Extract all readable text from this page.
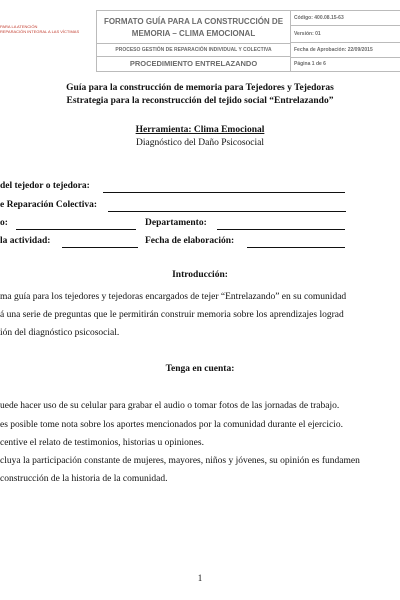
PARA LA ATENCIÓN
REPARACIÓN INTEGRAL A LAS VÍCTIMAS
FORMATO GUÍA PARA LA CONSTRUCCIÓN DE
MEMORIA – CLIMA EMOCIONAL
PROCESO GESTIÓN DE REPARACIÓN INDIVIDUAL Y COLECTIVA
PROCEDIMIENTO ENTRELAZANDO
Código: 400.08.15-63
Versión: 01
Fecha de Aprobación: 22/09/2015
Página 1 de 6
Guía para la construcción de memoria para Tejedores y Tejedoras
Estrategia para la reconstrucción del tejido social “Entrelazando”
Herramienta: Clima Emocional
Diagnóstico del Daño Psicosocial
del tejedor o tejedora:
e Reparación Colectiva:
o:	Departamento:
la actividad:	Fecha de elaboración:
Introducción:
ma guía para los tejedores y tejedoras encargados de tejer “Entrelazando” en su comunidad
á una serie de preguntas que le permitirán construir memoria sobre los aprendizajes lograd
ión del diagnóstico psicosocial.
Tenga en cuenta:
uede hacer uso de su celular para grabar el audio o tomar fotos de las jornadas de trabajo.
es posible tome nota sobre los aportes mencionados por la comunidad durante el ejercicio.
centive el relato de testimonios, historias u opiniones.
cluya la participación constante de mujeres, mayores, niños y jóvenes, su opinión es fundamen
construcción de la historia de la comunidad.
1
